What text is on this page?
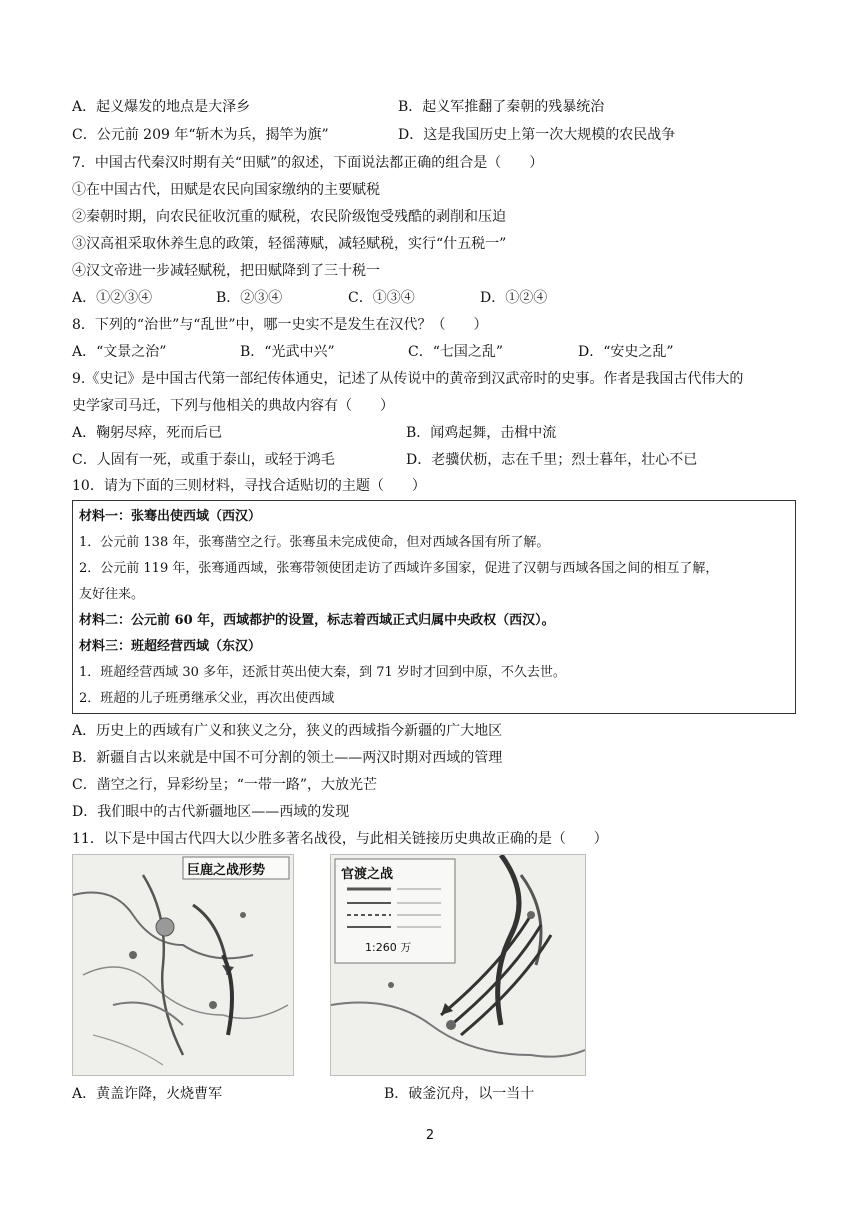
A．起义爆发的地点是大泽乡	B．起义军推翻了秦朝的残暴统治
C．公元前 209 年“斩木为兵，揭竿为旗”	D．这是我国历史上第一次大规模的农民战争
7．中国古代秦汉时期有关“田赋”的叙述，下面说法都正确的组合是（　　）
①在中国古代，田赋是农民向国家缴纳的主要赋税
②秦朝时期，向农民征收沉重的赋税，农民阶级饱受残酷的剥削和压迫
③汉高祖采取休养生息的政策，轻徭薄赋，减轻赋税，实行“什五税一”
④汉文帝进一步减轻赋税，把田赋降到了三十税一
A．①②③④	B．②③④	C．①③④	D．①②④
8．下列的“治世”与“乱世”中，哪一史实不是发生在汉代？（　　）
A．“文景之治”	B．“光武中兴”	C．“七国之乱”	D．“安史之乱”
9.《史记》是中国古代第一部纪传体通史，记述了从传说中的黄帝到汉武帝时的史事。作者是我国古代伟大的
史学家司马迁，下列与他相关的典故内容有（　　）
A．鞠躬尽瘁，死而后已	B．闻鸡起舞，击楫中流
C．人固有一死，或重于泰山，或轻于鸿毛	D．老骥伏枥，志在千里；烈士暮年，壮心不已
10．请为下面的三则材料，寻找合适贴切的主题（　　）
材料一：张骞出使西域（西汉）
1．公元前 138 年，张骞凿空之行。张骞虽未完成使命，但对西域各国有所了解。
2．公元前 119 年，张骞通西域，张骞带领使团走访了西域许多国家，促进了汉朝与西域各国之间的相互了解，
友好往来。
材料二：公元前 60 年，西域都护的设置，标志着西域正式归属中央政权（西汉）。
材料三：班超经营西域（东汉）
1．班超经营西域 30 多年，还派甘英出使大秦，到 71 岁时才回到中原，不久去世。
2．班超的儿子班勇继承父业，再次出使西域
A．历史上的西域有广义和狭义之分，狭义的西域指今新疆的广大地区
B．新疆自古以来就是中国不可分割的领土——两汉时期对西域的管理
C．凿空之行，异彩纷呈；“一带一路”，大放光芒
D．我们眼中的古代新疆地区——西域的发现
11．以下是中国古代四大以少胜多著名战役，与此相关链接历史典故正确的是（　　）
巨鹿之战形势	官渡之战
1:260 万
A．黄盖诈降，火烧曹军	B．破釜沉舟，以一当十
2
